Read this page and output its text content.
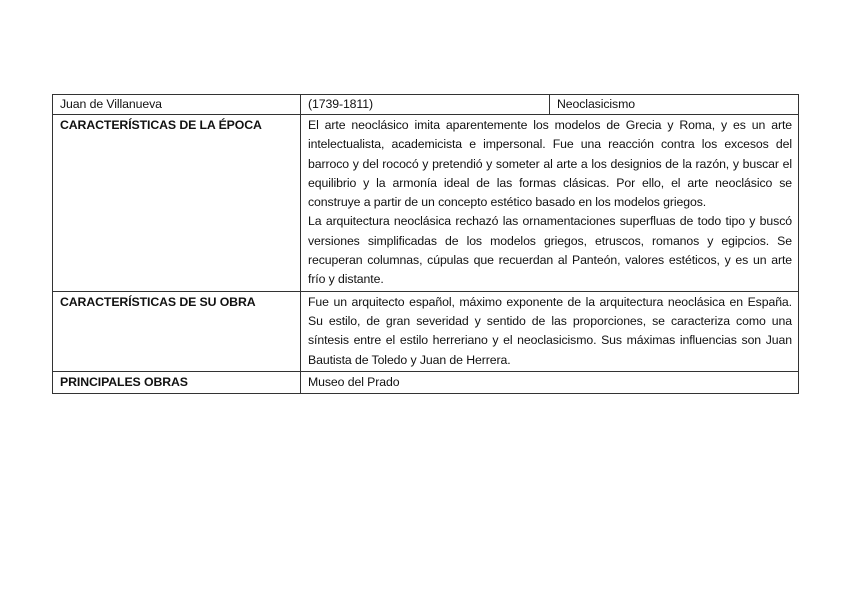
Juan de Villanueva	(1739-1811)	Neoclasicismo
CARACTERÍSTICAS DE LA ÉPOCA	El arte neoclásico imita aparentemente los modelos de Grecia y Roma, y es un arte intelectualista, academicista e impersonal. Fue una reacción contra los excesos del barroco y del rococó y pretendió y someter al arte a los designios de la razón, y buscar el equilibrio y la armonía ideal de las formas clásicas. Por ello, el arte neoclásico se construye a partir de un concepto estético basado en los modelos griegos.

La arquitectura neoclásica rechazó las ornamentaciones superfluas de todo tipo y buscó versiones simplificadas de los modelos griegos, etruscos, romanos y egipcios. Se recuperan columnas, cúpulas que recuerdan al Panteón, valores estéticos, y es un arte frío y distante.	

CARACTERÍSTICAS DE SU OBRA	Fue un arquitecto español, máximo exponente de la arquitectura neoclásica en España. Su estilo, de gran severidad y sentido de las proporciones, se caracteriza como una síntesis entre el estilo herreriano y el neoclasicismo. Sus máximas influencias son Juan Bautista de Toledo y Juan de Herrera.	

PRINCIPALES OBRAS	Museo del Prado	
